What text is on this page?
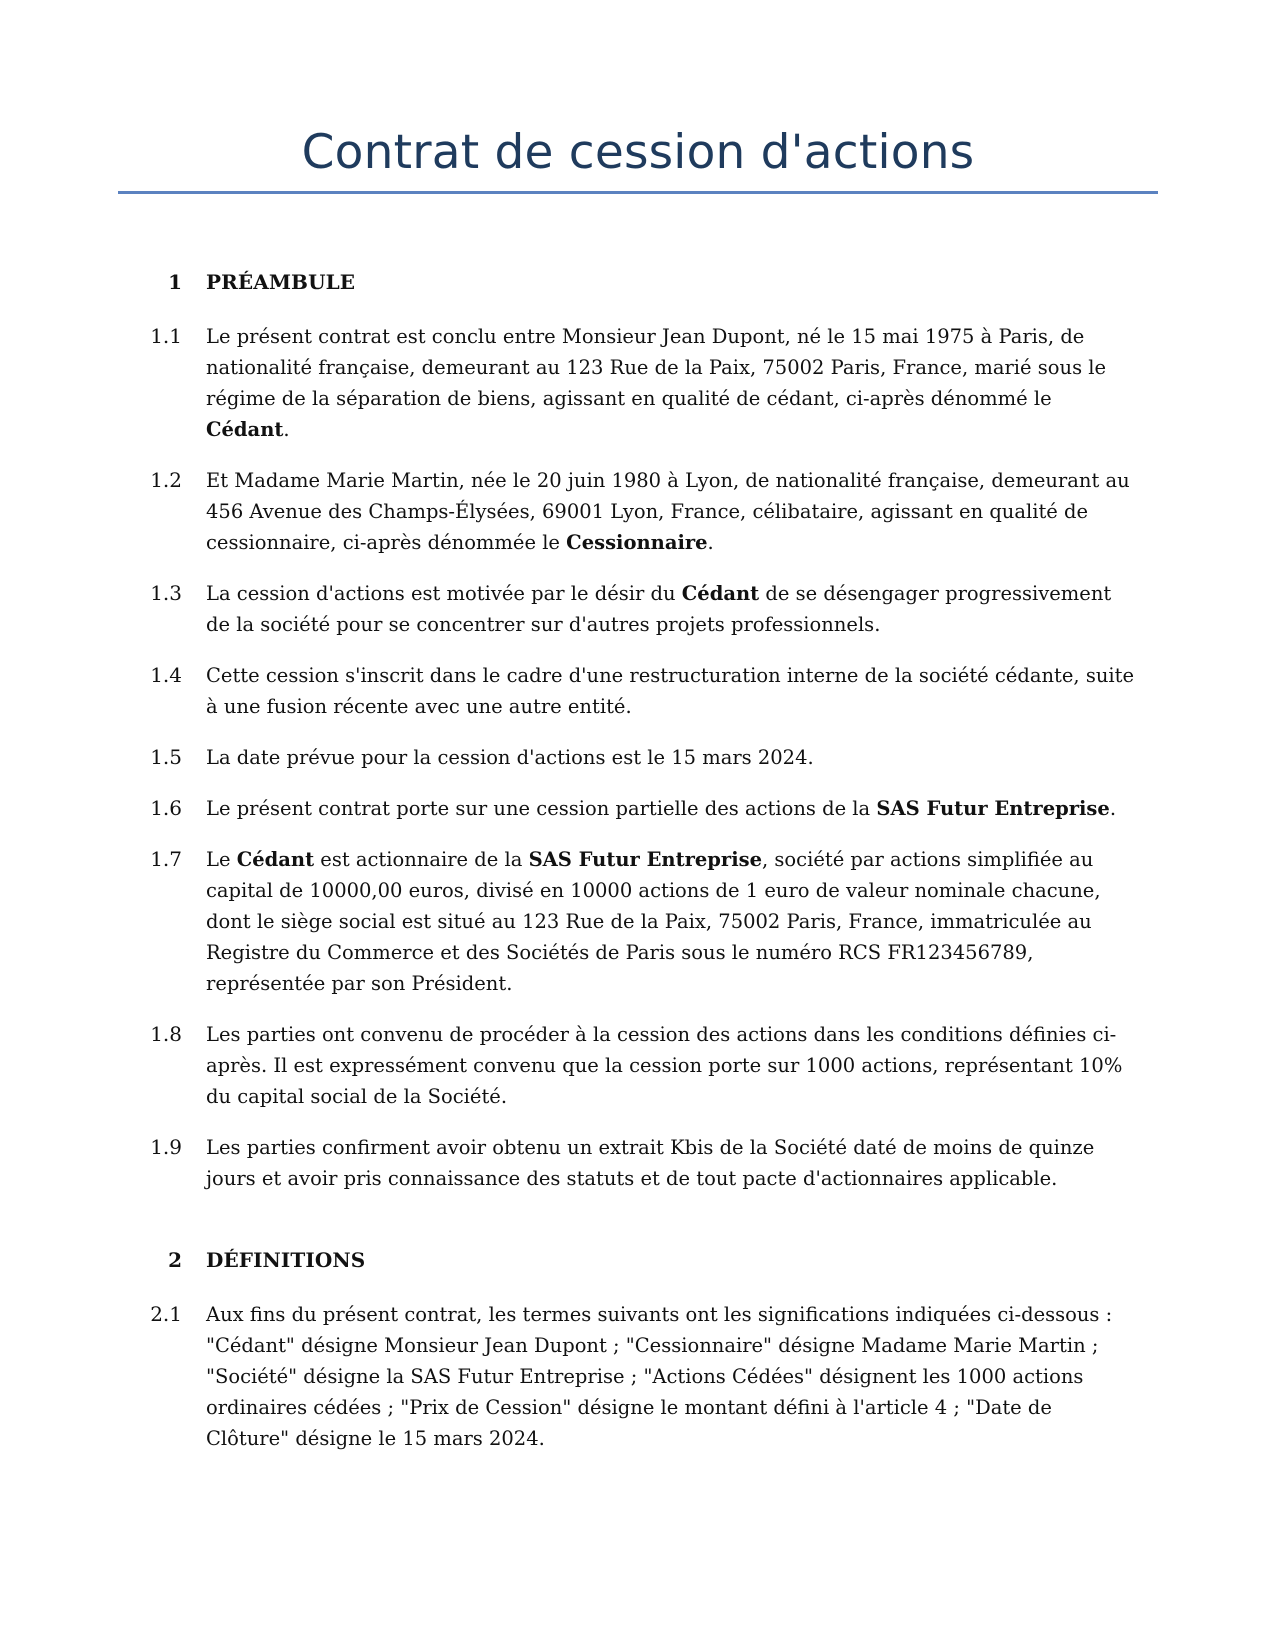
Contrat de cession d'actions
1 PRÉAMBULE
1.1 Le présent contrat est conclu entre Monsieur Jean Dupont, né le 15 mai 1975 à Paris, de nationalité française, demeurant au 123 Rue de la Paix, 75002 Paris, France, marié sous le régime de la séparation de biens, agissant en qualité de cédant, ci-après dénommé le Cédant.
1.2 Et Madame Marie Martin, née le 20 juin 1980 à Lyon, de nationalité française, demeurant au 456 Avenue des Champs-Élysées, 69001 Lyon, France, célibataire, agissant en qualité de cessionnaire, ci-après dénommée le Cessionnaire.
1.3 La cession d'actions est motivée par le désir du Cédant de se désengager progressivement de la société pour se concentrer sur d'autres projets professionnels.
1.4 Cette cession s'inscrit dans le cadre d'une restructuration interne de la société cédante, suite à une fusion récente avec une autre entité.
1.5 La date prévue pour la cession d'actions est le 15 mars 2024.
1.6 Le présent contrat porte sur une cession partielle des actions de la SAS Futur Entreprise.
1.7 Le Cédant est actionnaire de la SAS Futur Entreprise, société par actions simplifiée au capital de 10000,00 euros, divisé en 10000 actions de 1 euro de valeur nominale chacune, dont le siège social est situé au 123 Rue de la Paix, 75002 Paris, France, immatriculée au Registre du Commerce et des Sociétés de Paris sous le numéro RCS FR123456789, représentée par son Président.
1.8 Les parties ont convenu de procéder à la cession des actions dans les conditions définies ci-après. Il est expressément convenu que la cession porte sur 1000 actions, représentant 10% du capital social de la Société.
1.9 Les parties confirment avoir obtenu un extrait Kbis de la Société daté de moins de quinze jours et avoir pris connaissance des statuts et de tout pacte d'actionnaires applicable.
2 DÉFINITIONS
2.1 Aux fins du présent contrat, les termes suivants ont les significations indiquées ci-dessous : "Cédant" désigne Monsieur Jean Dupont ; "Cessionnaire" désigne Madame Marie Martin ; "Société" désigne la SAS Futur Entreprise ; "Actions Cédées" désignent les 1000 actions ordinaires cédées ; "Prix de Cession" désigne le montant défini à l'article 4 ; "Date de Clôture" désigne le 15 mars 2024.
